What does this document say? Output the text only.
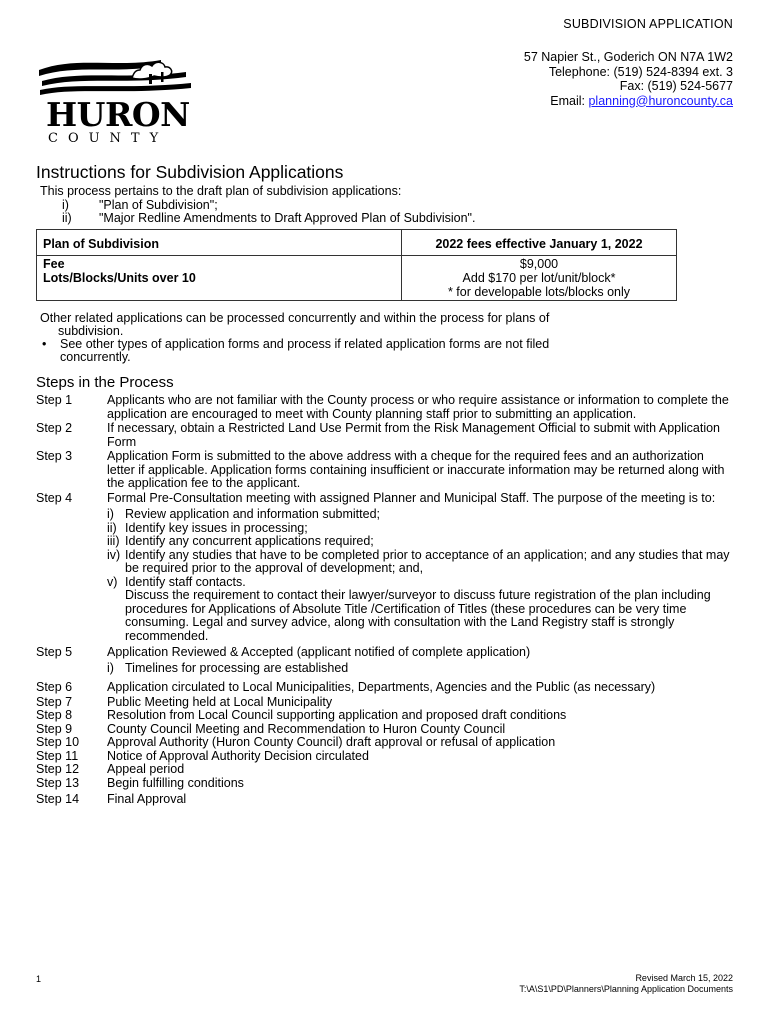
SUBDIVISION APPLICATION
57 Napier St., Goderich ON N7A 1W2
Telephone: (519) 524-8394 ext. 3
Fax: (519) 524-5677
Email: planning@huroncounty.ca
HURON
COUNTY
Instructions for Subdivision Applications
This process pertains to the draft plan of subdivision applications:
i)	"Plan of Subdivision";
ii)	"Major Redline Amendments to Draft Approved Plan of Subdivision".
Plan of Subdivision	2022 fees effective January 1, 2022
Fee	$9,000
Lots/Blocks/Units over 10	Add $170 per lot/unit/block*
* for developable lots/blocks only

Other related applications can be processed concurrently and within the process for plans of

subdivision.

•	See other types of application forms and process if related application forms are not filed
concurrently.
Steps in the Process
Step 1	Applicants who are not familiar with the County process or who require assistance or information to complete the application are encouraged to meet with County planning staff prior to submitting an application.
Step 2	If necessary, obtain a Restricted Land Use Permit from the Risk Management Official to submit with Application Form
Step 3	Application Form is submitted to the above address with a cheque for the required fees and an authorization letter if applicable. Application forms containing insufficient or inaccurate information may be returned along with the application fee to the applicant.
Step 4	Formal Pre-Consultation meeting with assigned Planner and Municipal Staff. The purpose of the meeting is to:
i) Review application and information submitted;
ii) Identify key issues in processing;
iii) Identify any concurrent applications required;
iv) Identify any studies that have to be completed prior to acceptance of an application; and any studies that may be required prior to the approval of development; and,
v) Identify staff contacts.
Discuss the requirement to contact their lawyer/surveyor to discuss future registration of the plan including procedures for Applications of Absolute Title /Certification of Titles (these procedures can be very time consuming. Legal and survey advice, along with consultation with the Land Registry staff is strongly recommended.
Step 5	Application Reviewed & Accepted (applicant notified of complete application)
i) Timelines for processing are established
Step 6	Application circulated to Local Municipalities, Departments, Agencies and the Public (as necessary)
Step 7	Public Meeting held at Local Municipality
Step 8	Resolution from Local Council supporting application and proposed draft conditions
Step 9	County Council Meeting and Recommendation to Huron County Council
Step 10	Approval Authority (Huron County Council) draft approval or refusal of application
Step 11	Notice of Approval Authority Decision circulated
Step 12	Appeal period
Step 13	Begin fulfilling conditions
Step 14	Final Approval
1	Revised March 15, 2022
T:\A\S1\PD\Planners\Planning Application Documents
